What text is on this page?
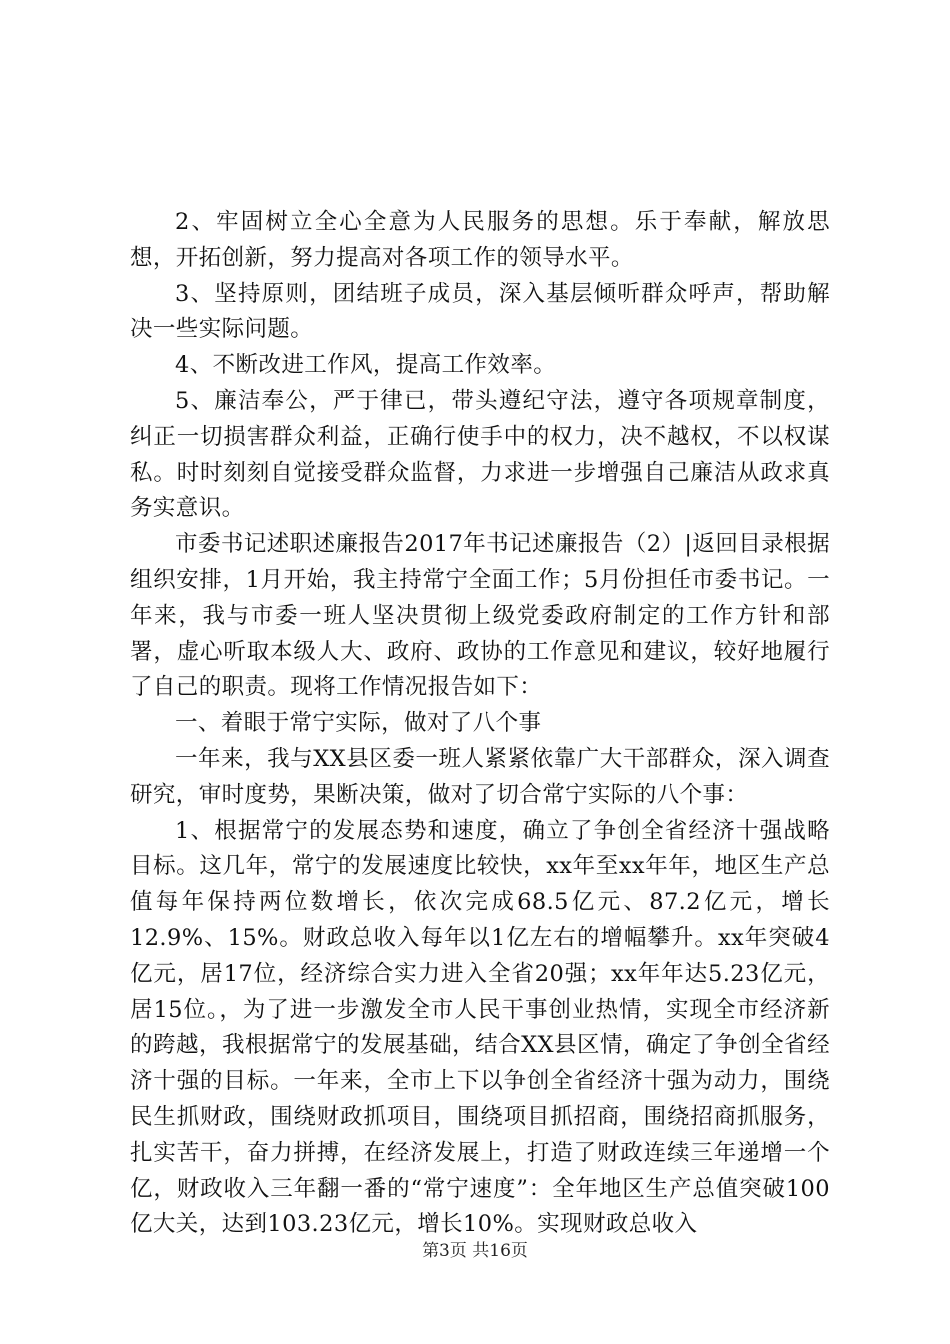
2、牢固树立全心全意为人民服务的思想。乐于奉献，解放思想，开拓创新，努力提高对各项工作的领导水平。

3、坚持原则，团结班子成员，深入基层倾听群众呼声，帮助解决一些实际问题。

4、不断改进工作风，提高工作效率。

5、廉洁奉公，严于律已，带头遵纪守法，遵守各项规章制度，纠正一切损害群众利益，正确行使手中的权力，决不越权，不以权谋私。时时刻刻自觉接受群众监督，力求进一步增强自己廉洁从政求真务实意识。

市委书记述职述廉报告2017年书记述廉报告（2）|返回目录根据组织安排，1月开始，我主持常宁全面工作；5月份担任市委书记。一年来，我与市委一班人坚决贯彻上级党委政府制定的工作方针和部署，虚心听取本级人大、政府、政协的工作意见和建议，较好地履行了自己的职责。现将工作情况报告如下：

一、着眼于常宁实际，做对了八个事

一年来，我与XX县区委一班人紧紧依靠广大干部群众，深入调查研究，审时度势，果断决策，做对了切合常宁实际的八个事：

1、根据常宁的发展态势和速度，确立了争创全省经济十强战略目标。这几年，常宁的发展速度比较快，xx年至xx年年，地区生产总值每年保持两位数增长，依次完成68.5亿元、87.2亿元，增长12.9%、15%。财政总收入每年以1亿左右的增幅攀升。xx年突破4亿元，居17位，经济综合实力进入全省20强；xx年年达5.23亿元，居15位。，为了进一步激发全市人民干事创业热情，实现全市经济新的跨越，我根据常宁的发展基础，结合XX县区情，确定了争创全省经济十强的目标。一年来，全市上下以争创全省经济十强为动力，围绕民生抓财政，围绕财政抓项目，围绕项目抓招商，围绕招商抓服务，扎实苦干，奋力拼搏，在经济发展上，打造了财政连续三年递增一个亿，财政收入三年翻一番的“常宁速度”：全年地区生产总值突破100亿大关，达到103.23亿元，增长10%。实现财政总收入

第3页 共16页
